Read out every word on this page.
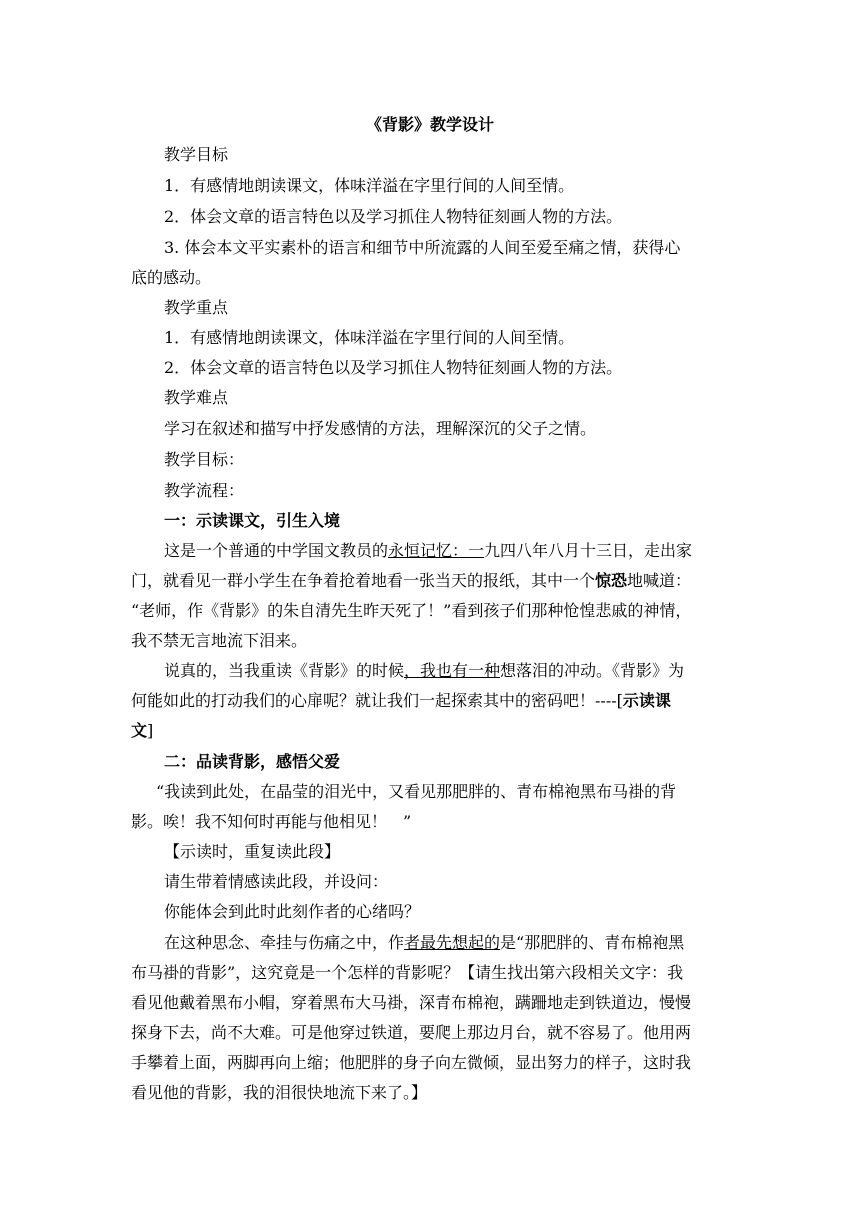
《背影》教学设计
教学目标
1．有感情地朗读课文，体味洋溢在字里行间的人间至情。
2．体会文章的语言特色以及学习抓住人物特征刻画人物的方法。
3. 体会本文平实素朴的语言和细节中所流露的人间至爱至痛之情，获得心
底的感动。
教学重点
1．有感情地朗读课文，体味洋溢在字里行间的人间至情。
2．体会文章的语言特色以及学习抓住人物特征刻画人物的方法。
教学难点
学习在叙述和描写中抒发感情的方法，理解深沉的父子之情。
教学目标：
教学流程：
一：示读课文，引生入境
这是一个普通的中学国文教员的永恒记忆：一九四八年八月十三日，走出家
门，就看见一群小学生在争着抢着地看一张当天的报纸，其中一个惊恐地喊道：
“老师，作《背影》的朱自清先生昨天死了！”看到孩子们那种怆惶悲戚的神情，
我不禁无言地流下泪来。
说真的，当我重读《背影》的时候，我也有一种想落泪的冲动。《背影》为
何能如此的打动我们的心扉呢？就让我们一起探索其中的密码吧！----[示读课
文]
二：品读背影，感悟父爱
“我读到此处，在晶莹的泪光中，又看见那肥胖的、青布棉袍黑布马褂的背
影。唉！我不知何时再能与他相见！　”
【示读时，重复读此段】
请生带着情感读此段，并设问：
你能体会到此时此刻作者的心绪吗？
在这种思念、牵挂与伤痛之中，作者最先想起的是“那肥胖的、青布棉袍黑
布马褂的背影”，这究竟是一个怎样的背影呢？【请生找出第六段相关文字：我
看见他戴着黑布小帽，穿着黑布大马褂，深青布棉袍，蹒跚地走到铁道边，慢慢
探身下去，尚不大难。可是他穿过铁道，要爬上那边月台，就不容易了。他用两
手攀着上面，两脚再向上缩；他肥胖的身子向左微倾，显出努力的样子，这时我
看见他的背影，我的泪很快地流下来了。】
